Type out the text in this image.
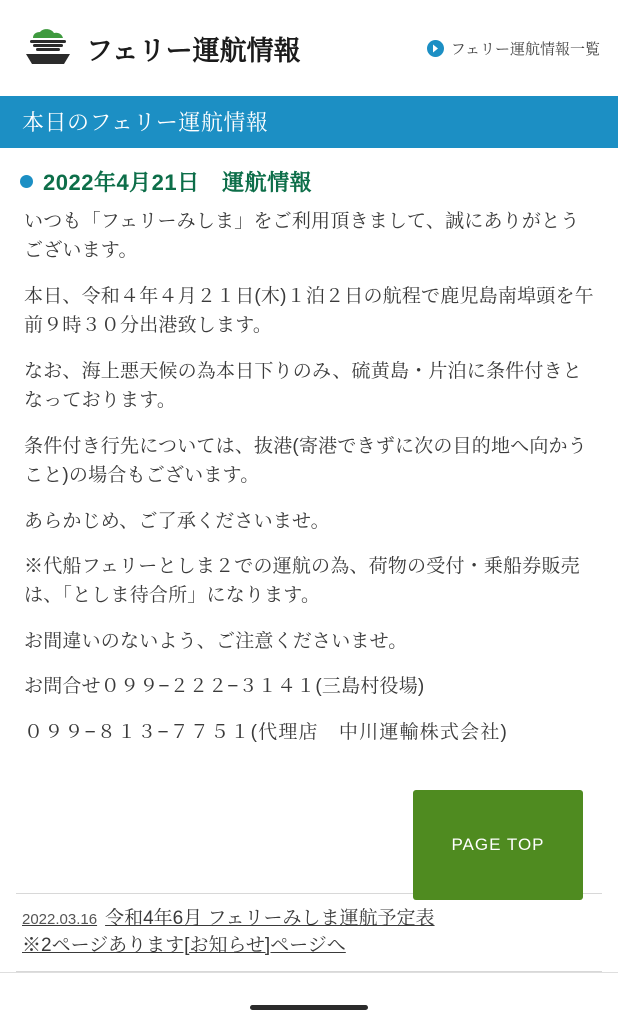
フェリー運航情報	フェリー運航情報一覧
本日のフェリー運航情報
2022年4月21日　運航情報

いつも「フェリーみしま」をご利用頂きまして、誠にありがとうございます。

本日、令和４年４月２１日(木)１泊２日の航程で鹿児島南埠頭を午前９時３０分出港致します。

なお、海上悪天候の為本日下りのみ、硫黄島・片泊に条件付きとなっております。

条件付き行先については、抜港(寄港できずに次の目的地へ向かうこと)の場合もございます。

あらかじめ、ご了承くださいませ。

※代船フェリーとしま２での運航の為、荷物の受付・乗船券販売は、「としま待合所」になります。

お間違いのないよう、ご注意くださいませ。

お問合せ０９９−２２２−３１４１(三島村役場)

０９９−８１３−７７５１(代理店　中川運輸株式会社)

2022.03.16 令和4年6月 フェリーみしま運航予定表
※2ページあります[お知らせ]ページへ
PAGE TOP
